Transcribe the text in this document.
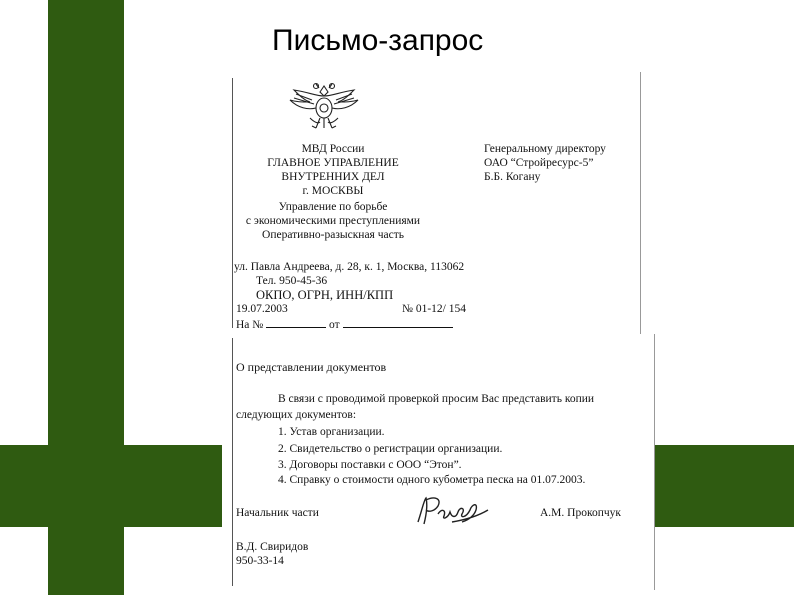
Письмо-запрос
МВД России
ГЛАВНОЕ УПРАВЛЕНИЕ
ВНУТРЕННИХ ДЕЛ
г. МОСКВЫ
Управление по борьбе
с экономическими преступлениями
Оперативно-разыскная часть
Генеральному директору
ОАО “Стройресурс-5”
Б.Б. Когану
ул. Павла Андреева, д. 28, к. 1, Москва, 113062
Тел. 950-45-36
ОКПО, ОГРН, ИНН/КПП
19.07.2003	№ 01-12/ 154
На №	от
О представлении документов
В связи с проводимой проверкой просим Вас представить копии
следующих документов:
1. Устав организации.
2. Свидетельство о регистрации организации.
3. Договоры поставки с ООО “Этон”.
4. Справку о стоимости одного кубометра песка на 01.07.2003.
Начальник части	А.М. Прокопчук
В.Д. Свиридов
950-33-14
